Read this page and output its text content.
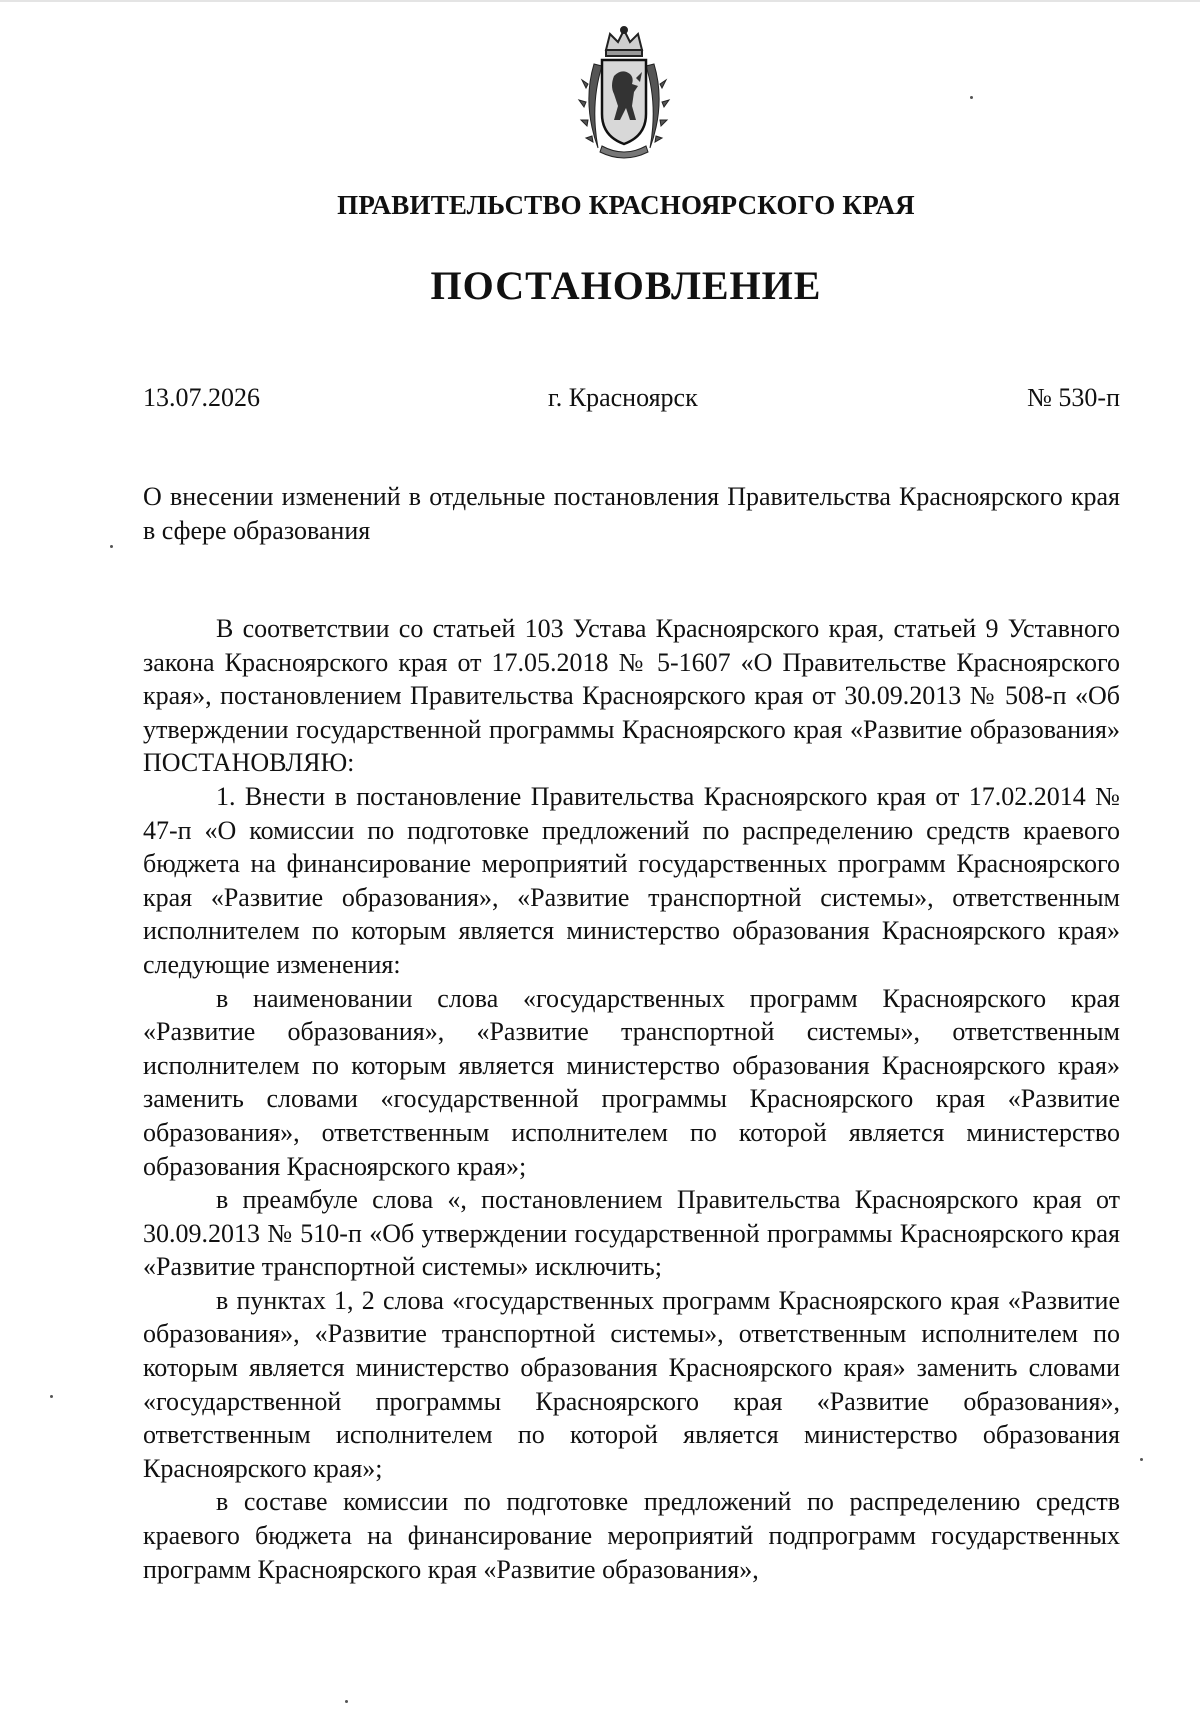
ПРАВИТЕЛЬСТВО КРАСНОЯРСКОГО КРАЯ
ПОСТАНОВЛЕНИЕ
13.07.2026	г. Красноярск	№ 530-п
О внесении изменений в отдельные постановления Правительства Красноярского края в сфере образования

В соответствии со статьей 103 Устава Красноярского края, статьей 9 Уставного закона Красноярского края от 17.05.2018 № 5-1607 «О Правительстве Красноярского края», постановлением Правительства Красноярского края от 30.09.2013 № 508-п «Об утверждении государственной программы Красноярского края «Развитие образования» ПОСТАНОВЛЯЮ:

1. Внести в постановление Правительства Красноярского края от 17.02.2014 № 47-п «О комиссии по подготовке предложений по распределению средств краевого бюджета на финансирование мероприятий государственных программ Красноярского края «Развитие образования», «Развитие транспортной системы», ответственным исполнителем по которым является министерство образования Красноярского края» следующие изменения:

в наименовании слова «государственных программ Красноярского края «Развитие образования», «Развитие транспортной системы», ответственным исполнителем по которым является министерство образования Красноярского края» заменить словами «государственной программы Красноярского края «Развитие образования», ответственным исполнителем по которой является министерство образования Красноярского края»;

в преамбуле слова «, постановлением Правительства Красноярского края от 30.09.2013 № 510-п «Об утверждении государственной программы Красноярского края «Развитие транспортной системы» исключить;

в пунктах 1, 2 слова «государственных программ Красноярского края «Развитие образования», «Развитие транспортной системы», ответственным исполнителем по которым является министерство образования Красноярского края» заменить словами «государственной программы Красноярского края «Развитие образования», ответственным исполнителем по которой является министерство образования Красноярского края»;

в составе комиссии по подготовке предложений по распределению средств краевого бюджета на финансирование мероприятий подпрограмм государственных программ Красноярского края «Развитие образования»,
